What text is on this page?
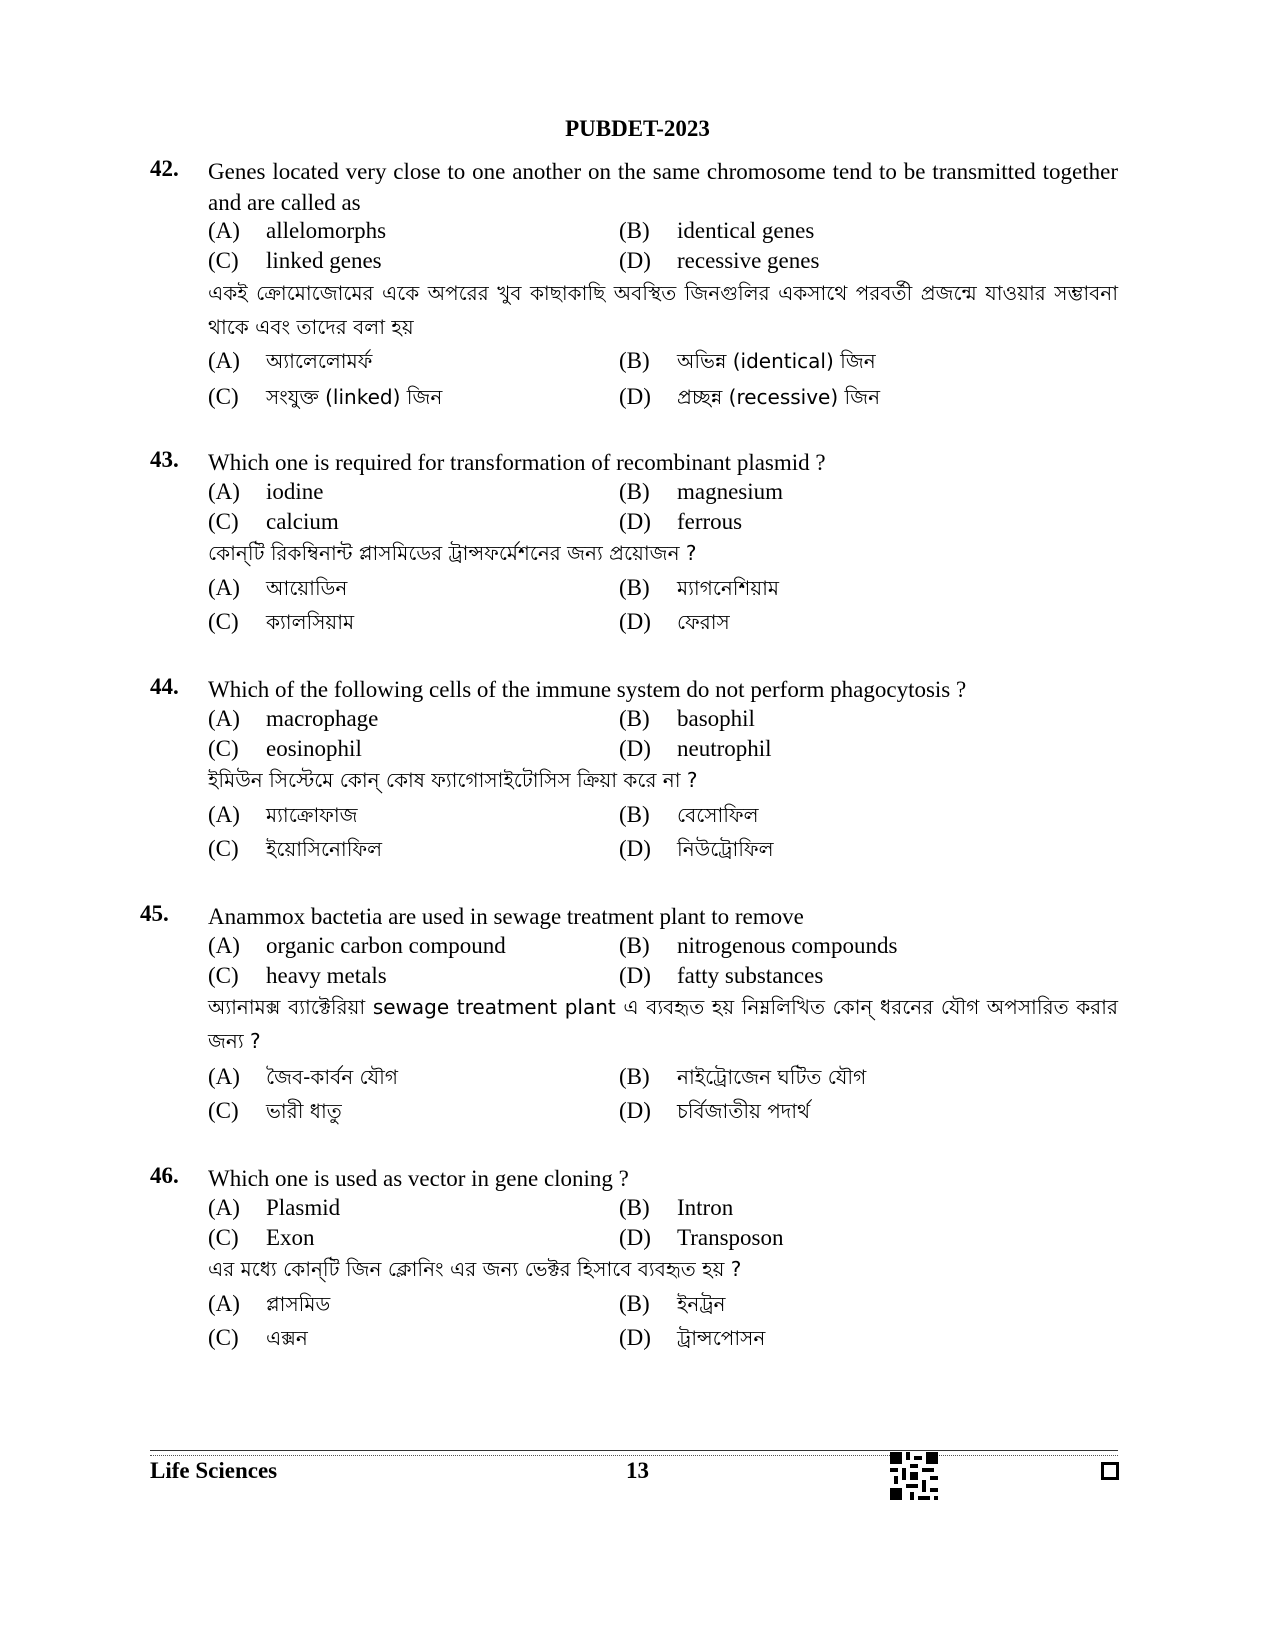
PUBDET-2023
42. Genes located very close to one another on the same chromosome tend to be transmitted together and are called as
(A) allelomorphs	(B) identical genes
(C) linked genes	(D) recessive genes
একই ক্রোমোজোমের একে অপরের খুব কাছাকাছি অবস্থিত জিনগুলির একসাথে পরবর্তী প্রজন্মে যাওয়ার সম্ভাবনা থাকে এবং তাদের বলা হয়
(A) অ্যালেলোমর্ফ	(B) অভিন্ন (identical) জিন
(C) সংযুক্ত (linked) জিন	(D) প্রচ্ছন্ন (recessive) জিন
43. Which one is required for transformation of recombinant plasmid ?
(A) iodine	(B) magnesium
(C) calcium	(D) ferrous
কোন্‌টি রিকম্বিনান্ট প্লাসমিডের ট্রান্সফর্মেশনের জন্য প্রয়োজন ?
(A) আয়োডিন	(B) ম্যাগনেশিয়াম
(C) ক্যালসিয়াম	(D) ফেরাস
44. Which of the following cells of the immune system do not perform phagocytosis ?
(A) macrophage	(B) basophil
(C) eosinophil	(D) neutrophil
ইমিউন সিস্টেমে কোন্ কোষ ফ্যাগোসাইটোসিস ক্রিয়া করে না ?
(A) ম্যাক্রোফাজ	(B) বেসোফিল
(C) ইয়োসিনোফিল	(D) নিউট্রোফিল
45. Anammox bactetia are used in sewage treatment plant to remove
(A) organic carbon compound	(B) nitrogenous compounds
(C) heavy metals	(D) fatty substances
অ্যানামক্স ব্যাক্টেরিয়া sewage treatment plant এ ব্যবহৃত হয় নিম্নলিখিত কোন্ ধরনের যৌগ অপসারিত করার জন্য ?
(A) জৈব-কার্বন যৌগ	(B) নাইট্রোজেন ঘটিত যৌগ
(C) ভারী ধাতু	(D) চর্বিজাতীয় পদার্থ
46. Which one is used as vector in gene cloning ?
(A) Plasmid	(B) Intron
(C) Exon	(D) Transposon
এর মধ্যে কোন্‌টি জিন ক্লোনিং এর জন্য ভেক্টর হিসাবে ব্যবহৃত হয় ?
(A) প্লাসমিড	(B) ইনট্রন
(C) এক্সন	(D) ট্রান্সপোসন
Life Sciences	13
